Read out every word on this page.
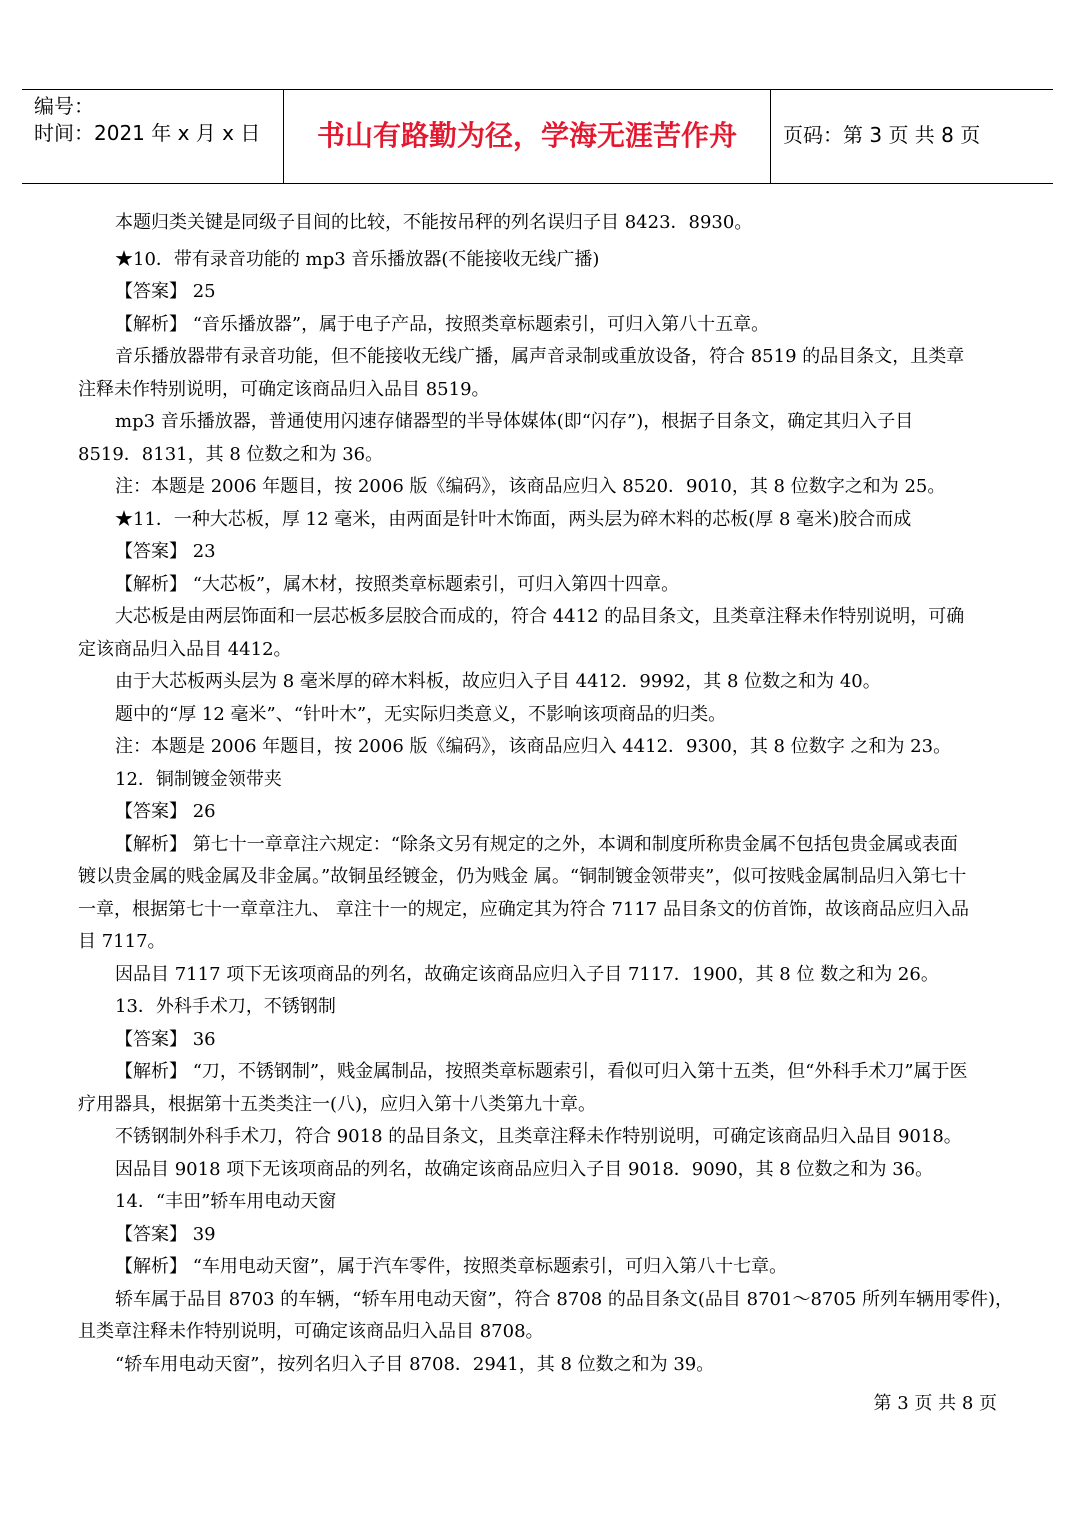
编号：
时间：2021 年 x 月 x 日	书山有路勤为径，学海无涯苦作舟	页码：第 3 页 共 8 页
本题归类关键是同级子目间的比较，不能按吊秤的列名误归子目 8423．8930。
★10．带有录音功能的 mp3 音乐播放器(不能接收无线广播)
【答案】 25
【解析】 “音乐播放器”，属于电子产品，按照类章标题索引，可归入第八十五章。
音乐播放器带有录音功能，但不能接收无线广播，属声音录制或重放设备，符合 8519 的品目条文，且类章
注释未作特别说明，可确定该商品归入品目 8519。
mp3 音乐播放器，普通使用闪速存储器型的半导体媒体(即“闪存”)，根据子目条文，确定其归入子目
8519．8131，其 8 位数之和为 36。
注：本题是 2006 年题目，按 2006 版《编码》，该商品应归入 8520．9010，其 8 位数字之和为 25。
★11．一种大芯板，厚 12 毫米，由两面是针叶木饰面，两头层为碎木料的芯板(厚 8 毫米)胶合而成
【答案】 23
【解析】 “大芯板”，属木材，按照类章标题索引，可归入第四十四章。
大芯板是由两层饰面和一层芯板多层胶合而成的，符合 4412 的品目条文，且类章注释未作特别说明，可确
定该商品归入品目 4412。
由于大芯板两头层为 8 毫米厚的碎木料板，故应归入子目 4412．9992，其 8 位数之和为 40。
题中的“厚 12 毫米”、“针叶木”，无实际归类意义，不影响该项商品的归类。
注：本题是 2006 年题目，按 2006 版《编码》，该商品应归入 4412．9300，其 8 位数字 之和为 23。
12．铜制镀金领带夹
【答案】 26
【解析】 第七十一章章注六规定：“除条文另有规定的之外，本调和制度所称贵金属不包括包贵金属或表面
镀以贵金属的贱金属及非金属。”故铜虽经镀金，仍为贱金 属。“铜制镀金领带夹”，似可按贱金属制品归入第七十
一章，根据第七十一章章注九、 章注十一的规定，应确定其为符合 7117 品目条文的仿首饰，故该商品应归入品
目 7117。
因品目 7117 项下无该项商品的列名，故确定该商品应归入子目 7117．1900，其 8 位 数之和为 26。
13．外科手术刀，不锈钢制
【答案】 36
【解析】 “刀，不锈钢制”，贱金属制品，按照类章标题索引，看似可归入第十五类，但“外科手术刀”属于医
疗用器具，根据第十五类类注一(八)，应归入第十八类第九十章。
不锈钢制外科手术刀，符合 9018 的品目条文，且类章注释未作特别说明，可确定该商品归入品目 9018。
因品目 9018 项下无该项商品的列名，故确定该商品应归入子目 9018．9090，其 8 位数之和为 36。
14．“丰田”轿车用电动天窗
【答案】 39
【解析】 “车用电动天窗”，属于汽车零件，按照类章标题索引，可归入第八十七章。
轿车属于品目 8703 的车辆，“轿车用电动天窗”，符合 8708 的品目条文(品目 8701～8705 所列车辆用零件)，
且类章注释未作特别说明，可确定该商品归入品目 8708。
“轿车用电动天窗”，按列名归入子目 8708．2941，其 8 位数之和为 39。
第 3 页 共 8 页
